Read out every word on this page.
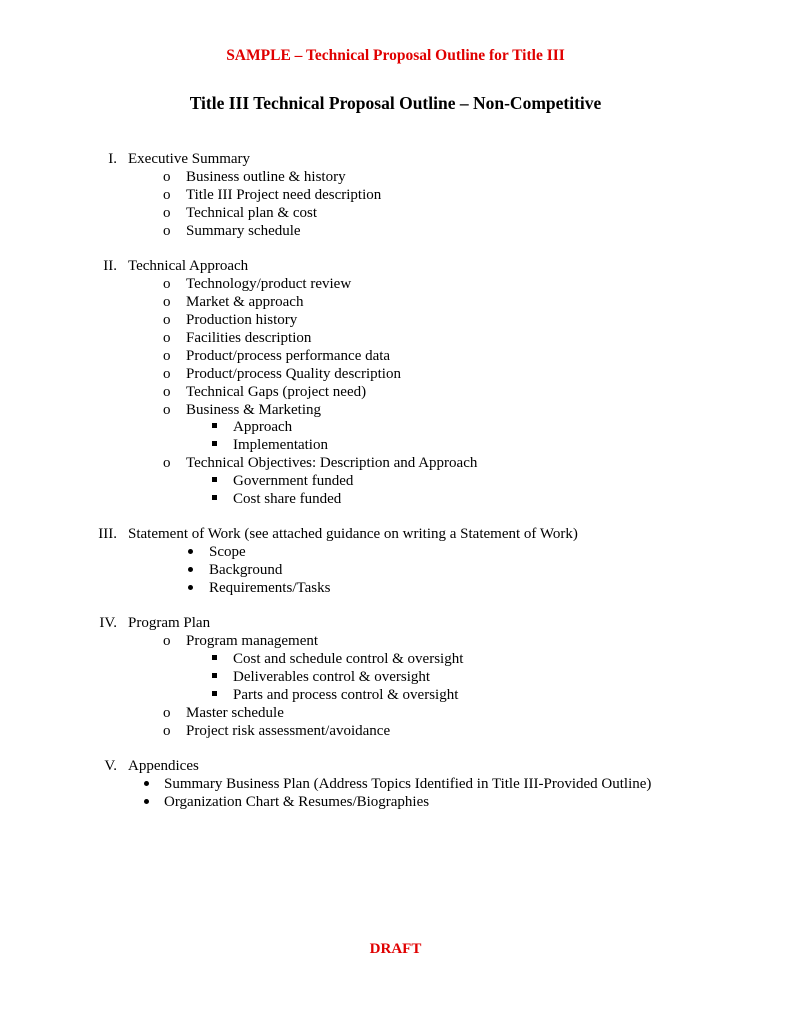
SAMPLE – Technical Proposal Outline for Title III
Title III Technical Proposal Outline – Non-Competitive
I. Executive Summary
o Business outline & history
o Title III Project need description
o Technical plan & cost
o Summary schedule
II. Technical Approach
o Technology/product review
o Market & approach
o Production history
o Facilities description
o Product/process performance data
o Product/process Quality description
o Technical Gaps (project need)
o Business & Marketing
Approach
Implementation
o Technical Objectives: Description and Approach
Government funded
Cost share funded
III. Statement of Work (see attached guidance on writing a Statement of Work)
Scope
Background
Requirements/Tasks
IV. Program Plan
o Program management
Cost and schedule control & oversight
Deliverables control & oversight
Parts and process control & oversight
o Master schedule
o Project risk assessment/avoidance
V. Appendices
Summary Business Plan (Address Topics Identified in Title III-Provided Outline)
Organization Chart & Resumes/Biographies
DRAFT
